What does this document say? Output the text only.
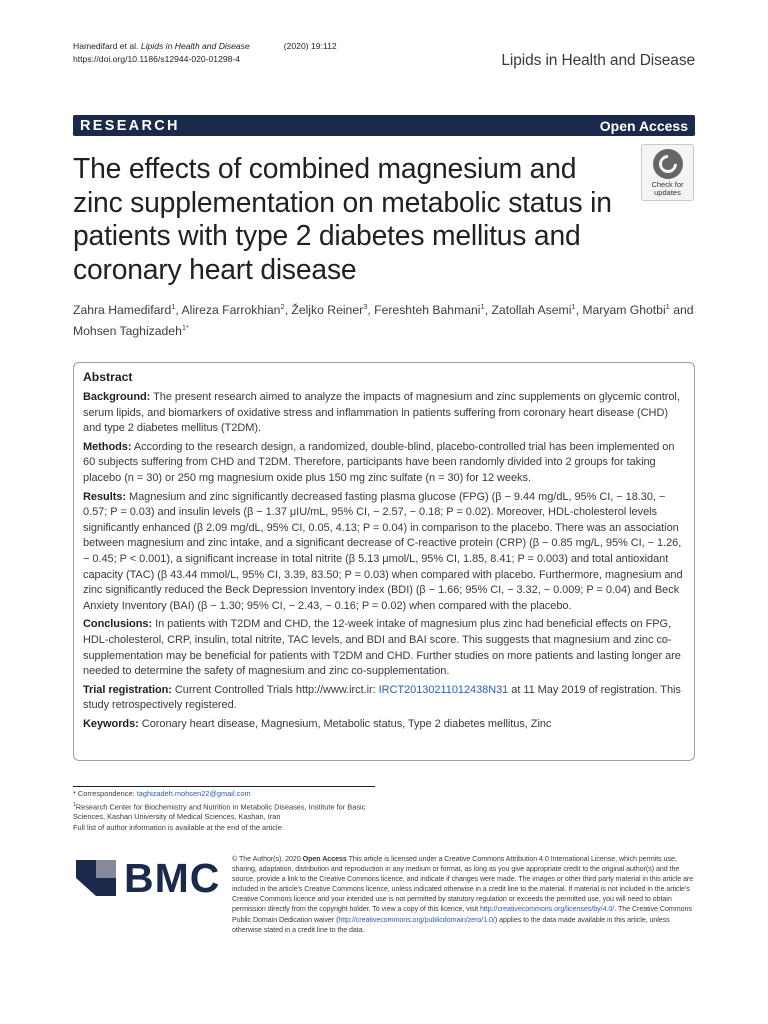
Hamedifard et al. Lipids in Health and Disease	(2020) 19:112
https://doi.org/10.1186/s12944-020-01298-4	Lipids in Health and Disease
RESEARCH	Open Access
The effects of combined magnesium and zinc supplementation on metabolic status in patients with type 2 diabetes mellitus and coronary heart disease
Check for
updates
Zahra Hamedifard$^1$, Alireza Farrokhian$^2$, Željko Reiner$^3$, Fereshteh Bahmani$^1$, Zatollah Asemi$^1$, Maryam Ghotbi$^1$ and Mohsen Taghizadeh$^{1*}$
Abstract

Background: The present research aimed to analyze the impacts of magnesium and zinc supplements on glycemic control, serum lipids, and biomarkers of oxidative stress and inflammation in patients suffering from coronary heart disease (CHD) and type 2 diabetes mellitus (T2DM).

Methods: According to the research design, a randomized, double-blind, placebo-controlled trial has been implemented on 60 subjects suffering from CHD and T2DM. Therefore, participants have been randomly divided into 2 groups for taking placebo (n = 30) or 250 mg magnesium oxide plus 150 mg zinc sulfate (n = 30) for 12 weeks.

Results: Magnesium and zinc significantly decreased fasting plasma glucose (FPG) (β − 9.44 mg/dL, 95% CI, − 18.30, − 0.57; P = 0.03) and insulin levels (β − 1.37 μIU/mL, 95% CI, − 2.57, − 0.18; P = 0.02). Moreover, HDL-cholesterol levels significantly enhanced (β 2.09 mg/dL, 95% CI, 0.05, 4.13; P = 0.04) in comparison to the placebo. There was an association between magnesium and zinc intake, and a significant decrease of C-reactive protein (CRP) (β − 0.85 mg/L, 95% CI, − 1.26, − 0.45; P < 0.001), a significant increase in total nitrite (β 5.13 μmol/L, 95% CI, 1.85, 8.41; P = 0.003) and total antioxidant capacity (TAC) (β 43.44 mmol/L, 95% CI, 3.39, 83.50; P = 0.03) when compared with placebo. Furthermore, magnesium and zinc significantly reduced the Beck Depression Inventory index (BDI) (β − 1.66; 95% CI, − 3.32, − 0.009; P = 0.04) and Beck Anxiety Inventory (BAI) (β − 1.30; 95% CI, − 2.43, − 0.16; P = 0.02) when compared with the placebo.

Conclusions: In patients with T2DM and CHD, the 12-week intake of magnesium plus zinc had beneficial effects on FPG, HDL-cholesterol, CRP, insulin, total nitrite, TAC levels, and BDI and BAI score. This suggests that magnesium and zinc co-supplementation may be beneficial for patients with T2DM and CHD. Further studies on more patients and lasting longer are needed to determine the safety of magnesium and zinc co-supplementation.

Trial registration: Current Controlled Trials http://www.irct.ir: IRCT20130211012438N31 at 11 May 2019 of registration. This study retrospectively registered.

Keywords: Coronary heart disease, Magnesium, Metabolic status, Type 2 diabetes mellitus, Zinc

* Correspondence: taghizadeh.mohsen22@gmail.com
$^1$Research Center for Biochemistry and Nutrition in Metabolic Diseases, Institute for Basic Sciences, Kashan University of Medical Sciences, Kashan, Iran
Full list of author information is available at the end of the article
BMC © The Author(s). 2020 Open Access This article is licensed under a Creative Commons Attribution 4.0 International License, which permits use, sharing, adaptation, distribution and reproduction in any medium or format, as long as you give appropriate credit to the original author(s) and the source, provide a link to the Creative Commons licence, and indicate if changes were made. The images or other third party material in this article are included in the article's Creative Commons licence, unless indicated otherwise in a credit line to the material. If material is not included in the article's Creative Commons licence and your intended use is not permitted by statutory regulation or exceeds the permitted use, you will need to obtain permission directly from the copyright holder. To view a copy of this licence, visit http://creativecommons.org/licenses/by/4.0/. The Creative Commons Public Domain Dedication waiver (http://creativecommons.org/publicdomain/zero/1.0/) applies to the data made available in this article, unless otherwise stated in a credit line to the data.
